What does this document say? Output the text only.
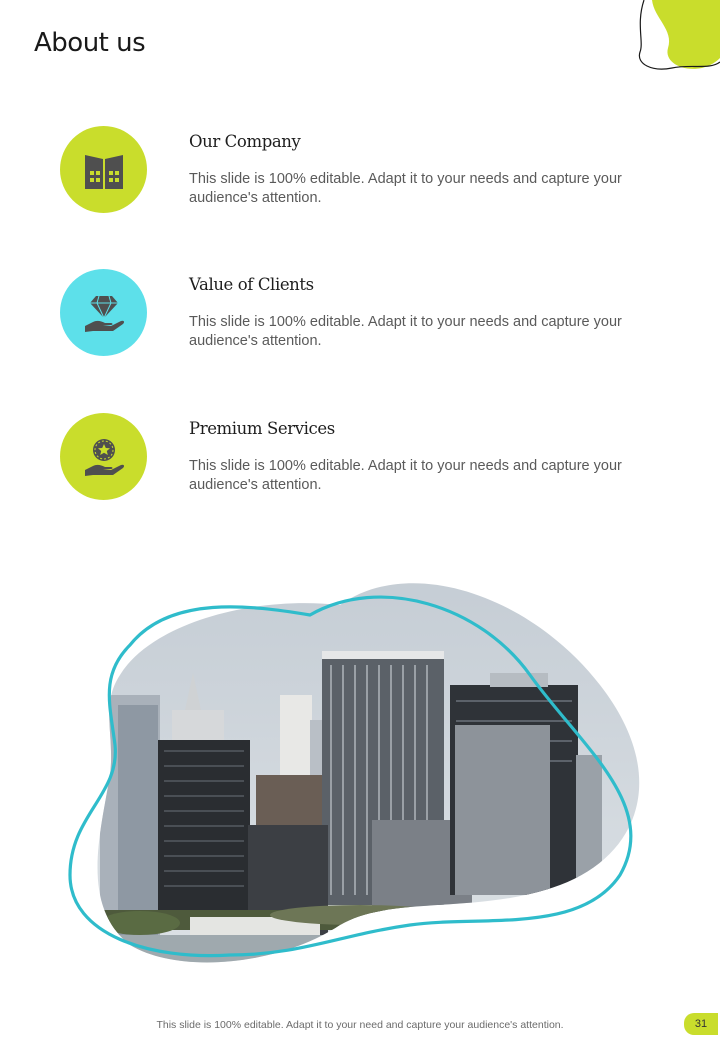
About us
Our Company
This slide is 100% editable. Adapt it to your needs and capture your audience's attention.
Value of Clients
This slide is 100% editable. Adapt it to your needs and capture your audience's attention.
Premium Services
This slide is 100% editable. Adapt it to your needs and capture your audience's attention.
This slide is 100% editable. Adapt it to your need and capture your audience's attention.	31
